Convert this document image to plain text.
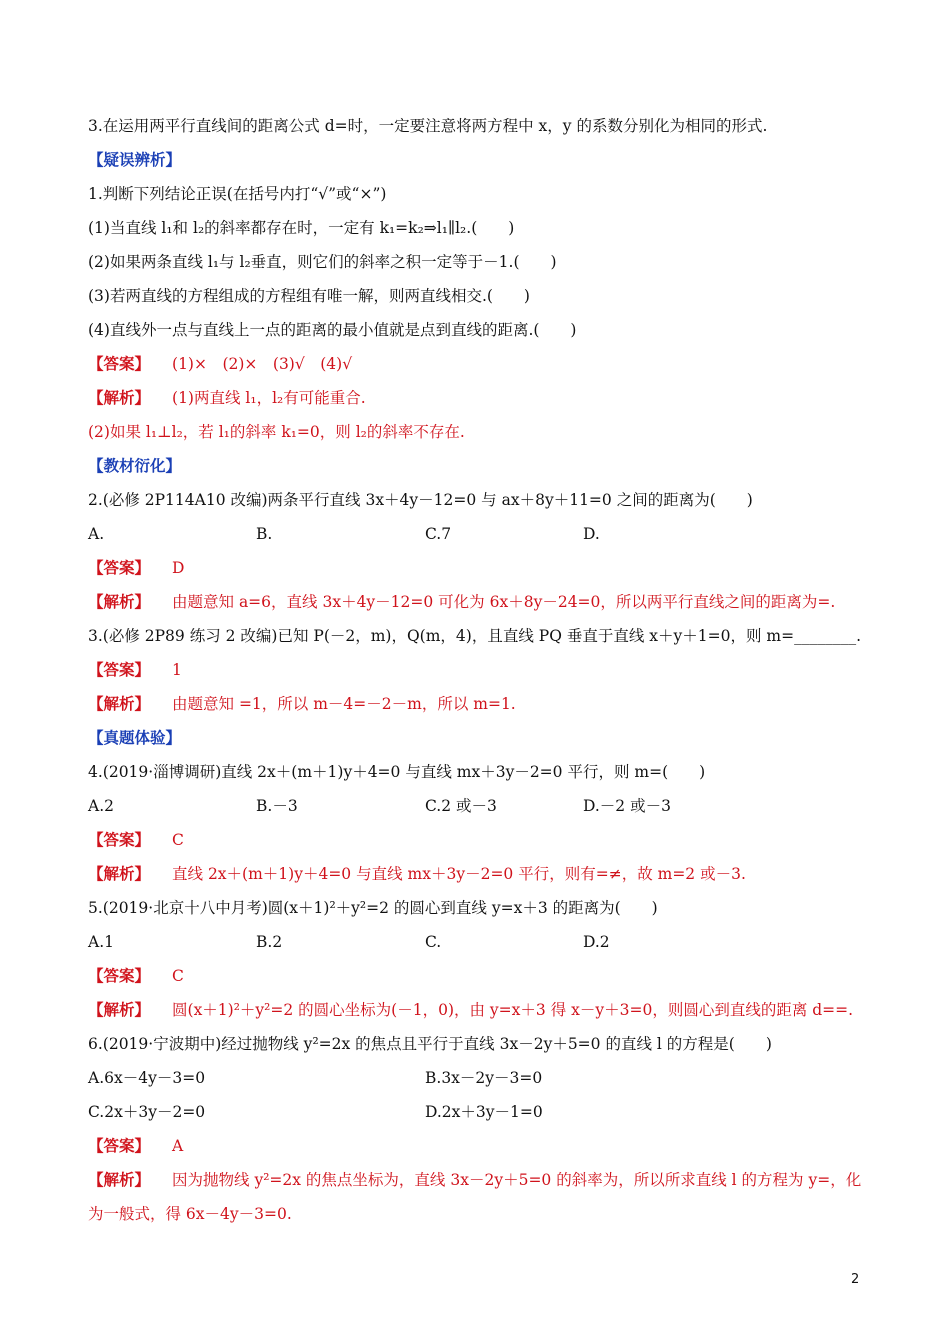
3.在运用两平行直线间的距离公式 d=时，一定要注意将两方程中 x，y 的系数分别化为相同的形式.
【疑误辨析】
1.判断下列结论正误(在括号内打“√”或“×”)
(1)当直线 l₁和 l₂的斜率都存在时，一定有 k₁=k₂⇒l₁∥l₂.(　　)
(2)如果两条直线 l₁与 l₂垂直，则它们的斜率之积一定等于－1.(　　)
(3)若两直线的方程组成的方程组有唯一解，则两直线相交.(　　)
(4)直线外一点与直线上一点的距离的最小值就是点到直线的距离.(　　)
【答案】 (1)×　(2)×　(3)√　(4)√
【解析】 (1)两直线 l₁，l₂有可能重合.
(2)如果 l₁⊥l₂，若 l₁的斜率 k₁=0，则 l₂的斜率不存在.
【教材衍化】
2.(必修 2P114A10 改编)两条平行直线 3x＋4y－12=0 与 ax＋8y＋11=0 之间的距离为(　　)
A.	B.	C.7	D.
【答案】 D
【解析】 由题意知 a=6，直线 3x＋4y－12=0 可化为 6x＋8y－24=0，所以两平行直线之间的距离为=.
3.(必修 2P89 练习 2 改编)已知 P(－2，m)，Q(m，4)，且直线 PQ 垂直于直线 x＋y＋1=0，则 m=________.
【答案】 1
【解析】 由题意知 =1，所以 m－4=－2－m，所以 m=1.
【真题体验】
4.(2019·淄博调研)直线 2x＋(m＋1)y＋4=0 与直线 mx＋3y－2=0 平行，则 m=(　　)
A.2	B.－3	C.2 或－3	D.－2 或－3
【答案】 C
【解析】 直线 2x＋(m＋1)y＋4=0 与直线 mx＋3y－2=0 平行，则有=≠，故 m=2 或－3.
5.(2019·北京十八中月考)圆(x＋1)²＋y²=2 的圆心到直线 y=x＋3 的距离为(　　)
A.1	B.2	C.	D.2
【答案】 C
【解析】 圆(x＋1)²＋y²=2 的圆心坐标为(－1，0)，由 y=x＋3 得 x－y＋3=0，则圆心到直线的距离 d==.
6.(2019·宁波期中)经过抛物线 y²=2x 的焦点且平行于直线 3x－2y＋5=0 的直线 l 的方程是(　　)
A.6x－4y－3=0	B.3x－2y－3=0
C.2x＋3y－2=0	D.2x＋3y－1=0
【答案】 A
【解析】 因为抛物线 y²=2x 的焦点坐标为，直线 3x－2y＋5=0 的斜率为，所以所求直线 l 的方程为 y=，化
为一般式，得 6x－4y－3=0.
2
